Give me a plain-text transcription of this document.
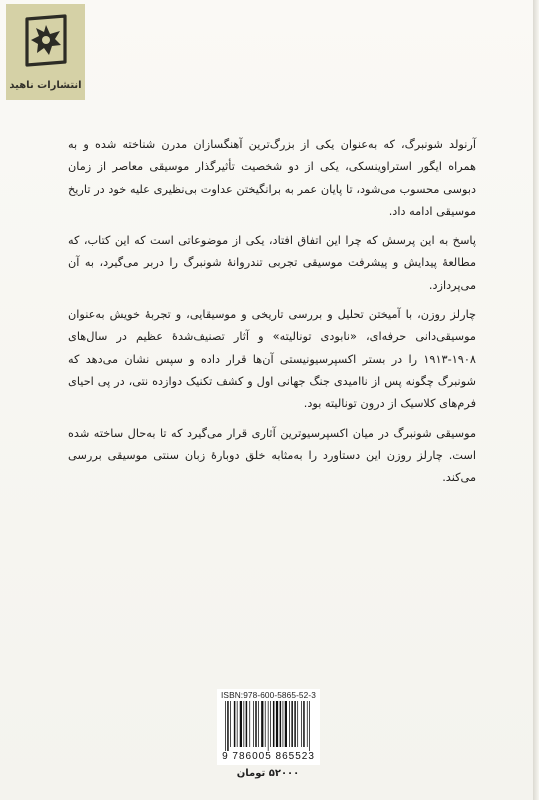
انتشارات ناهید

آرنولد شونبرگ، که به‌عنوان یکی از بزرگ‌ترین آهنگسازان مدرن شناخته شده و به همراه ایگور استراوینسکی، یکی از دو شخصیت تأثیرگذار موسیقی معاصر از زمان دبوسی محسوب می‌شود، تا پایان عمر به برانگیختن عداوت بی‌نظیری علیه خود در تاریخ موسیقی ادامه داد.

پاسخ به این پرسش که چرا این اتفاق افتاد، یکی از موضوعاتی است که این کتاب، که مطالعهٔ پیدایش و پیشرفت موسیقی تجربی تندروانهٔ شونبرگ را دربر می‌گیرد، به آن می‌پردازد.

چارلز روزن، با آمیختن تحلیل و بررسی تاریخی و موسیقایی، و تجربهٔ خویش به‌عنوان موسیقی‌دانی حرفه‌ای، «نابودی تونالیته» و آثار تصنیف‌شدهٔ عظیم در سال‌های ۱۹۰۸-۱۹۱۳ را در بستر اکسپرسیونیستی آن‌ها قرار داده و سپس نشان می‌دهد که شونبرگ چگونه پس از ناامیدی جنگ جهانی اول و کشف تکنیک دوازده نتی، در پی احیای فرم‌های کلاسیک از درون تونالیته بود.

موسیقی شونبرگ در میان اکسپرسیوترین آثاری قرار می‌گیرد که تا به‌حال ساخته شده است. چارلز روزن این دستاورد را به‌مثابه خلق دوبارهٔ زبان سنتی موسیقی بررسی می‌کند.

ISBN:978-600-5865-52-3
9 786005 865523
۵۲۰۰۰ تومان
